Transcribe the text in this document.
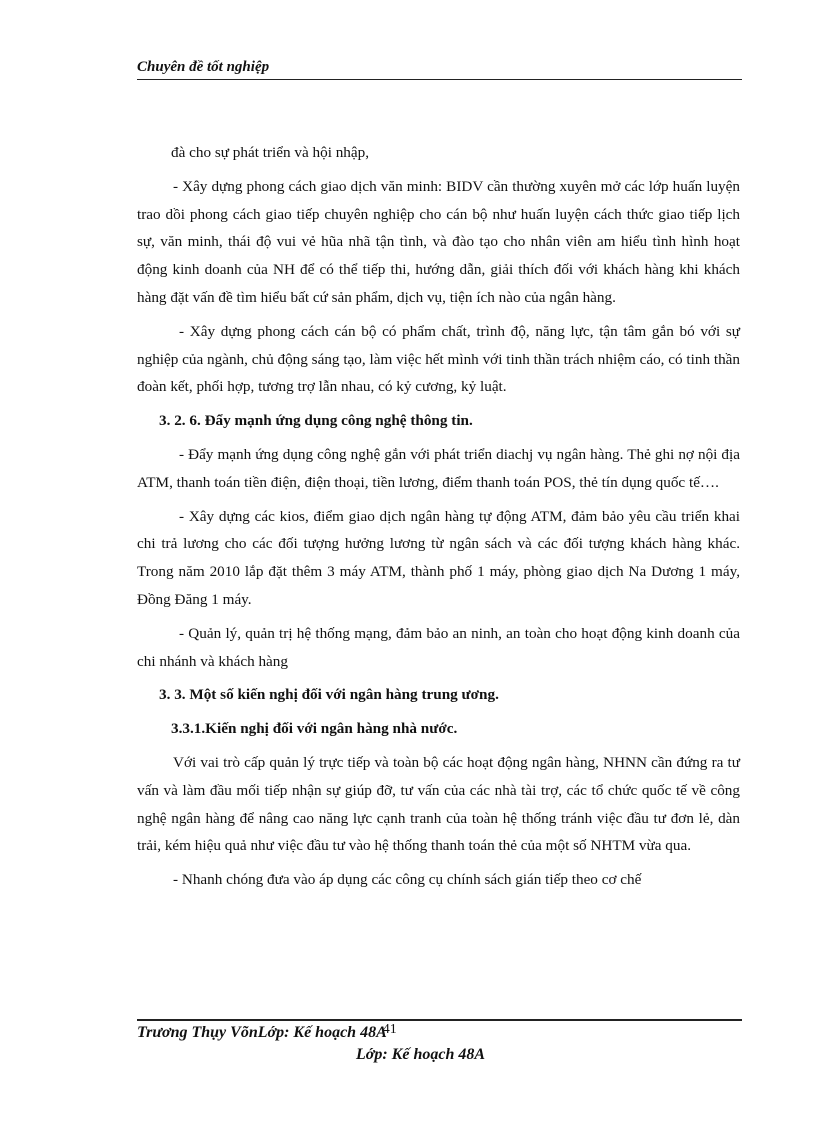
Chuyên đề tốt nghiệp

đà cho sự phát triển và hội nhập,

- Xây dựng phong cách giao dịch văn minh: BIDV cần thường xuyên mở các lớp huấn luyện trao dồi phong cách giao tiếp chuyên nghiệp cho cán bộ như huấn luyện cách thức giao tiếp lịch sự, văn minh, thái độ vui vẻ hũa nhã tận tình, và đào tạo cho nhân viên am hiểu tình hình hoạt động kinh doanh của NH để có thể tiếp thi, hướng dẫn, giải thích đối với khách hàng khi khách hàng đặt vấn đề tìm hiểu bất cứ sản phẩm, dịch vụ, tiện ích nào của ngân hàng.

- Xây dựng phong cách cán bộ có phẩm chất, trình độ, năng lực, tận tâm gắn bó với sự nghiệp của ngành, chủ động sáng tạo, làm việc hết mình với tinh thần trách nhiệm cáo, có tinh thần đoàn kết, phối hợp, tương trợ lẫn nhau, có kỷ cương, kỷ luật.

3. 2. 6. Đẩy mạnh ứng dụng công nghệ thông tin.

- Đẩy mạnh ứng dụng công nghệ gắn với phát triển diachj vụ ngân hàng. Thẻ ghi nợ nội địa ATM, thanh toán tiền điện, điện thoại, tiền lương, điểm thanh toán POS, thẻ tín dụng quốc tế….

- Xây dựng các kios, điểm giao dịch ngân hàng tự động ATM, đảm bảo yêu cầu triển khai chi trả lương cho các đối tượng hưởng lương từ ngân sách và các đối tượng khách hàng khác. Trong năm 2010 lắp đặt thêm 3 máy ATM, thành phố 1 máy, phòng giao dịch Na Dương 1 máy, Đồng Đăng 1 máy.

- Quản lý, quản trị hệ thống mạng, đảm bảo an ninh, an toàn cho hoạt động kinh doanh của chi nhánh và khách hàng

3. 3. Một số kiến nghị đối với ngân hàng trung ương.

3.3.1.Kiến nghị đối với ngân hàng nhà nước.

Với vai trò cấp quản lý trực tiếp và toàn bộ các hoạt động ngân hàng, NHNN cần đứng ra tư vấn và làm đầu mối tiếp nhận sự giúp đỡ, tư vấn của các nhà tài trợ, các tổ chức quốc tế về công nghệ ngân hàng để nâng cao năng lực cạnh tranh của toàn hệ thống tránh việc đầu tư đơn lẻ, dàn trải, kém hiệu quả như việc đầu tư vào hệ thống thanh toán thẻ của một số NHTM vừa qua.

- Nhanh chóng đưa vào áp dụng các công cụ chính sách gián tiếp theo cơ chế

Trương Thụy VõnLớp: Kế hoạch 48A41
Lớp: Kế hoạch 48A
